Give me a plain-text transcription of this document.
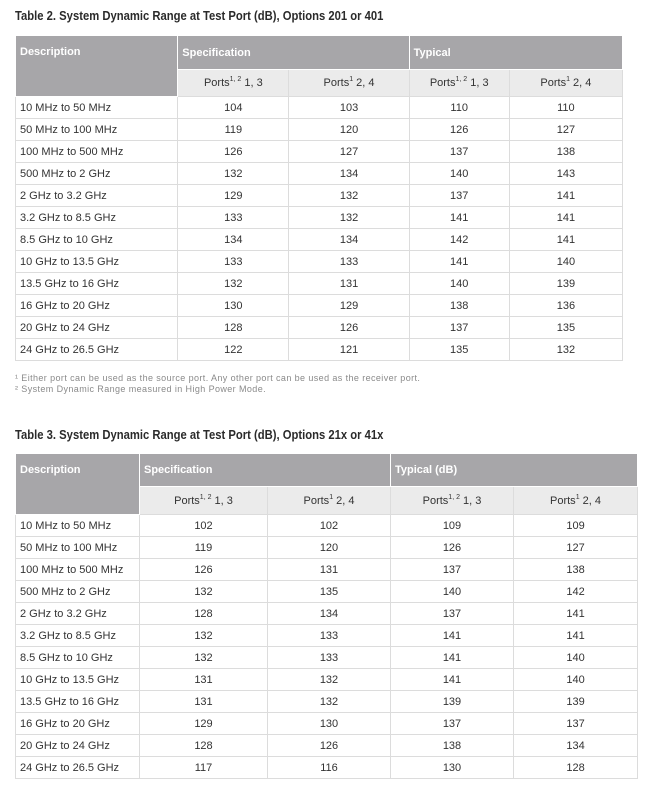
Table 2. System Dynamic Range at Test Port (dB), Options 201 or 401
Description	Specification		Typical	
	Ports$^{1, 2}$ 1, 3	Ports$^1$ 2, 4	Ports$^{1, 2}$ 1, 3	Ports$^1$ 2, 4
10 MHz to 50 MHz	104	103	110	110
50 MHz to 100 MHz	119	120	126	127
100 MHz to 500 MHz	126	127	137	138
500 MHz to 2 GHz	132	134	140	143
2 GHz to 3.2 GHz	129	132	137	141
3.2 GHz to 8.5 GHz	133	132	141	141
8.5 GHz to 10 GHz	134	134	142	141
10 GHz to 13.5 GHz	133	133	141	140
13.5 GHz to 16 GHz	132	131	140	139
16 GHz to 20 GHz	130	129	138	136
20 GHz to 24 GHz	128	126	137	135
24 GHz to 26.5 GHz	122	121	135	132
¹ Either port can be used as the source port. Any other port can be used as the receiver port.
² System Dynamic Range measured in High Power Mode.
Table 3. System Dynamic Range at Test Port (dB), Options 21x or 41x
Description	Specification		Typical (dB)	
	Ports$^{1, 2}$ 1, 3	Ports$^1$ 2, 4	Ports$^{1, 2}$ 1, 3	Ports$^1$ 2, 4
10 MHz to 50 MHz	102	102	109	109
50 MHz to 100 MHz	119	120	126	127
100 MHz to 500 MHz	126	131	137	138
500 MHz to 2 GHz	132	135	140	142
2 GHz to 3.2 GHz	128	134	137	141
3.2 GHz to 8.5 GHz	132	133	141	141
8.5 GHz to 10 GHz	132	133	141	140
10 GHz to 13.5 GHz	131	132	141	140
13.5 GHz to 16 GHz	131	132	139	139
16 GHz to 20 GHz	129	130	137	137
20 GHz to 24 GHz	128	126	138	134
24 GHz to 26.5 GHz	117	116	130	128
